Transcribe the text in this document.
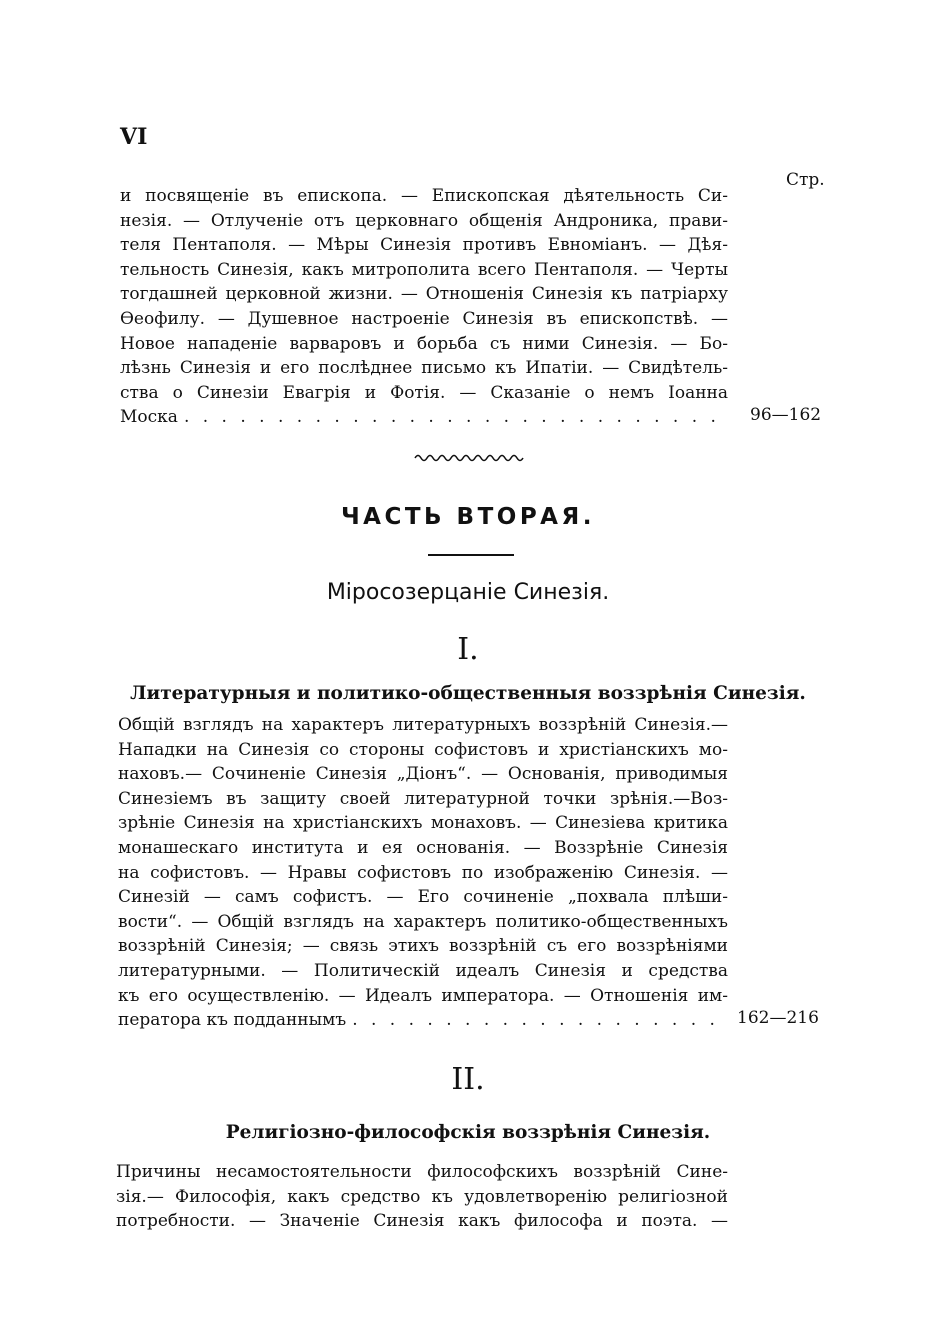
VI
Стр.
и посвященіе въ епископа. — Епископская дѣятельность Си-
незія. — Отлученіе отъ церковнаго общенія Андроника, прави-
теля Пентаполя. — Мѣры Синезія противъ Евноміанъ. — Дѣя-
тельность Синезія, какъ митрополита всего Пентаполя. — Черты
тогдашней церковной жизни. — Отношенія Синезія къ патріарху
Ѳеофилу. — Душевное настроеніе Синезія въ епископствѣ. —
Новое нападеніе варваровъ и борьба съ ними Синезія. — Бо-
лѣзнь Синезія и его послѣднее письмо къ Ипатіи. — Свидѣтель-
ства о Синезіи Евагрія и Фотія. — Сказаніе о немъ Іоанна
Моска . . .	96—162
ЧАСТЬ ВТОРАЯ.
Міросозерцаніе Синезія.
I.
Литературныя и политико-общественныя воззрѣнія Синезія.
Общій взглядъ на характеръ литературныхъ воззрѣній Синезія.—
Нападки на Синезія со стороны софистовъ и христіанскихъ мо-
наховъ.— Сочиненіе Синезія „Діонъ“. — Основанія, приводимыя
Синезіемъ въ защиту своей литературной точки зрѣнія.—Воз-
зрѣніе Синезія на христіанскихъ монаховъ. — Синезіева критика
монашескаго института и ея основанія. — Воззрѣніе Синезія
на софистовъ. — Нравы софистовъ по изображенію Синезія. —
Синезій — самъ софистъ. — Его сочиненіе „похвала плѣши-
вости“. — Общій взглядъ на характеръ политико-общественныхъ
воззрѣній Синезія; — связь этихъ воззрѣній съ его воззрѣніями
литературными. — Политическій идеалъ Синезія и средства
къ его осуществленію. — Идеалъ императора. — Отношенія им-
ператора къ подданнымъ . . .	162—216
II.
Религіозно-философскія воззрѣнія Синезія.
Причины несамостоятельности философскихъ воззрѣній Сине-
зія.— Философія, какъ средство къ удовлетворенію религіозной
потребности. — Значеніе Синезія какъ философа и поэта. —
